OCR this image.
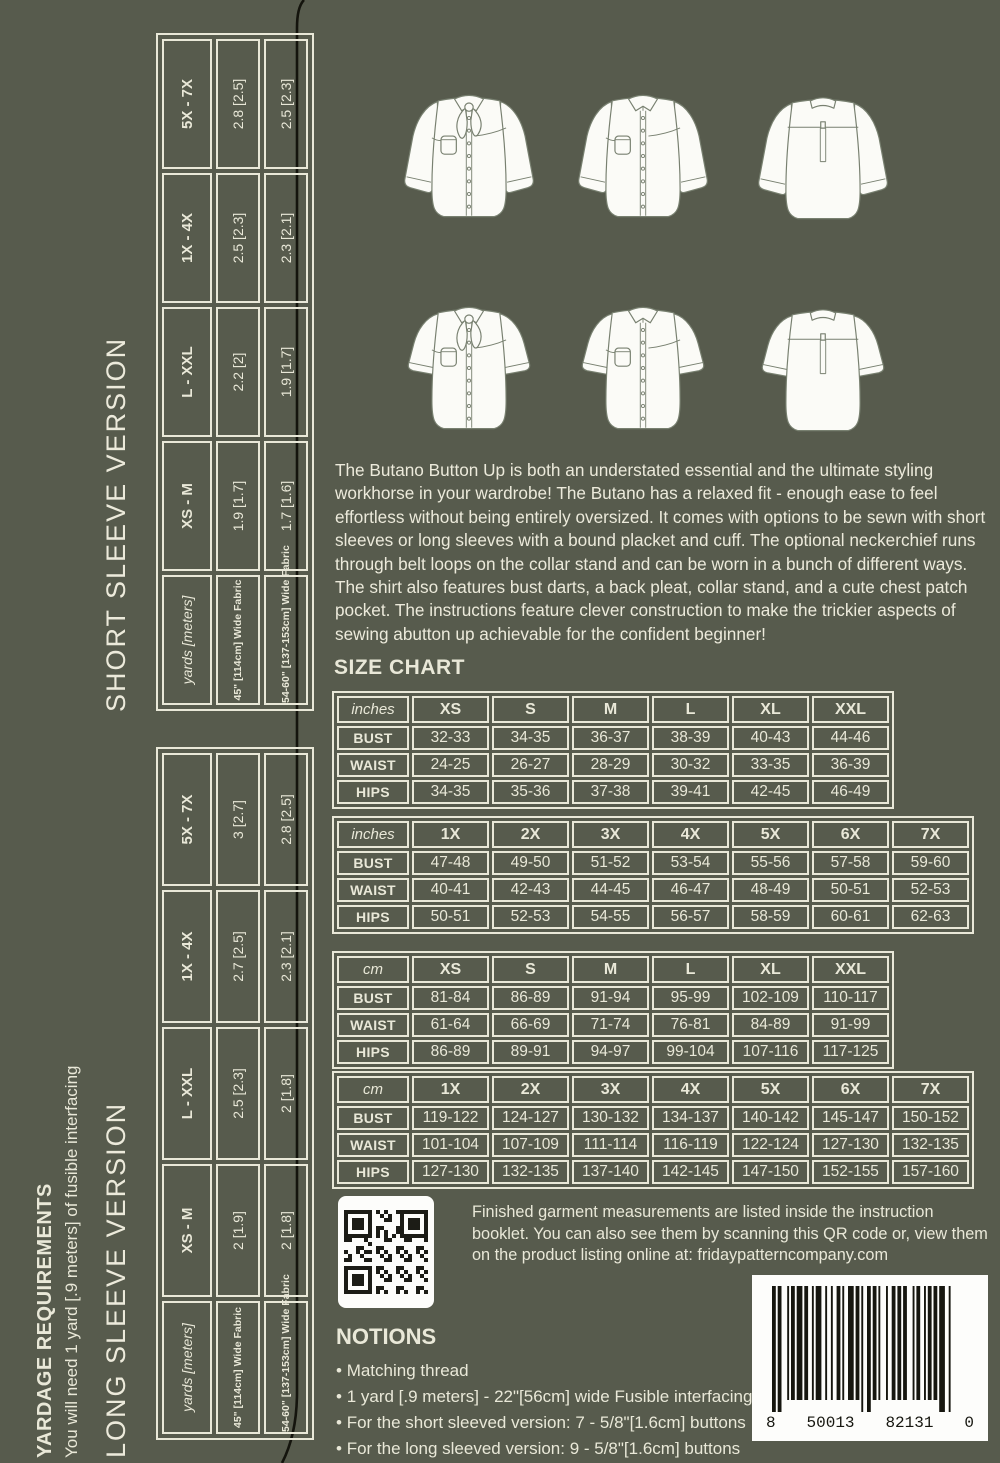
SHORT SLEEVE VERSION	yards [meters]	XS - M	L - XXL	1X - 4X	5X - 7X
45" [114cm] Wide Fabric	1.9 [1.7]	2.2 [2]	2.5 [2.3]	2.8 [2.5]
54-60" [137-153cm] Wide Fabric	1.7 [1.6]	1.9 [1.7]	2.3 [2.1]	2.5 [2.3]
LONG SLEEVE VERSION	yards [meters]	XS - M	L - XXL	1X - 4X	5X - 7X
45" [114cm] Wide Fabric	2 [1.9]	2.5 [2.3]	2.7 [2.5]	3 [2.7]
54-60" [137-153cm] Wide Fabric	2 [1.8]	2 [1.8]	2.3 [2.1]	2.8 [2.5]
YARDAGE REQUIREMENTS You will need 1 yard [.9 meters] of fusible interfacing

The Butano Button Up is both an understated essential and the ultimate styling workhorse in your wardrobe! The Butano has a relaxed fit - enough ease to feel effortless without being entirely oversized. It comes with options to be sewn with short sleeves or long sleeves with a bound placket and cuff. The optional neckerchief runs through belt loops on the collar stand and can be worn in a bunch of different ways. The shirt also features bust darts, a back pleat, collar stand, and a cute chest patch pocket. The instructions feature clever construction to make the trickier aspects of sewing abutton up achievable for the confident beginner!

SIZE CHART
inches	XS	S	M	L	XL	XXL
BUST	32-33	34-35	36-37	38-39	40-43	44-46
WAIST	24-25	26-27	28-29	30-32	33-35	36-39
HIPS	34-35	35-36	37-38	39-41	42-45	46-49
inches	1X	2X	3X	4X	5X	6X	7X
BUST	47-48	49-50	51-52	53-54	55-56	57-58	59-60
WAIST	40-41	42-43	44-45	46-47	48-49	50-51	52-53
HIPS	50-51	52-53	54-55	56-57	58-59	60-61	62-63
cm	XS	S	M	L	XL	XXL
BUST	81-84	86-89	91-94	95-99	102-109	110-117
WAIST	61-64	66-69	71-74	76-81	84-89	91-99
HIPS	86-89	89-91	94-97	99-104	107-116	117-125
cm	1X	2X	3X	4X	5X	6X	7X
BUST	119-122	124-127	130-132	134-137	140-142	145-147	150-152
WAIST	101-104	107-109	111-114	116-119	122-124	127-130	132-135
HIPS	127-130	132-135	137-140	142-145	147-150	152-155	157-160

Finished garment measurements are listed inside the instruction booklet. You can also see them by scanning this QR code or, view them on the product listing online at: fridaypatterncompany.com

NOTIONS
• Matching thread
• 1 yard [.9 meters] - 22"[56cm] wide Fusible interfacing
• For the short sleeved version: 7 - 5/8"[1.6cm] buttons
• For the long sleeved version: 9 - 5/8"[1.6cm] buttons
8 50013 82131 0
